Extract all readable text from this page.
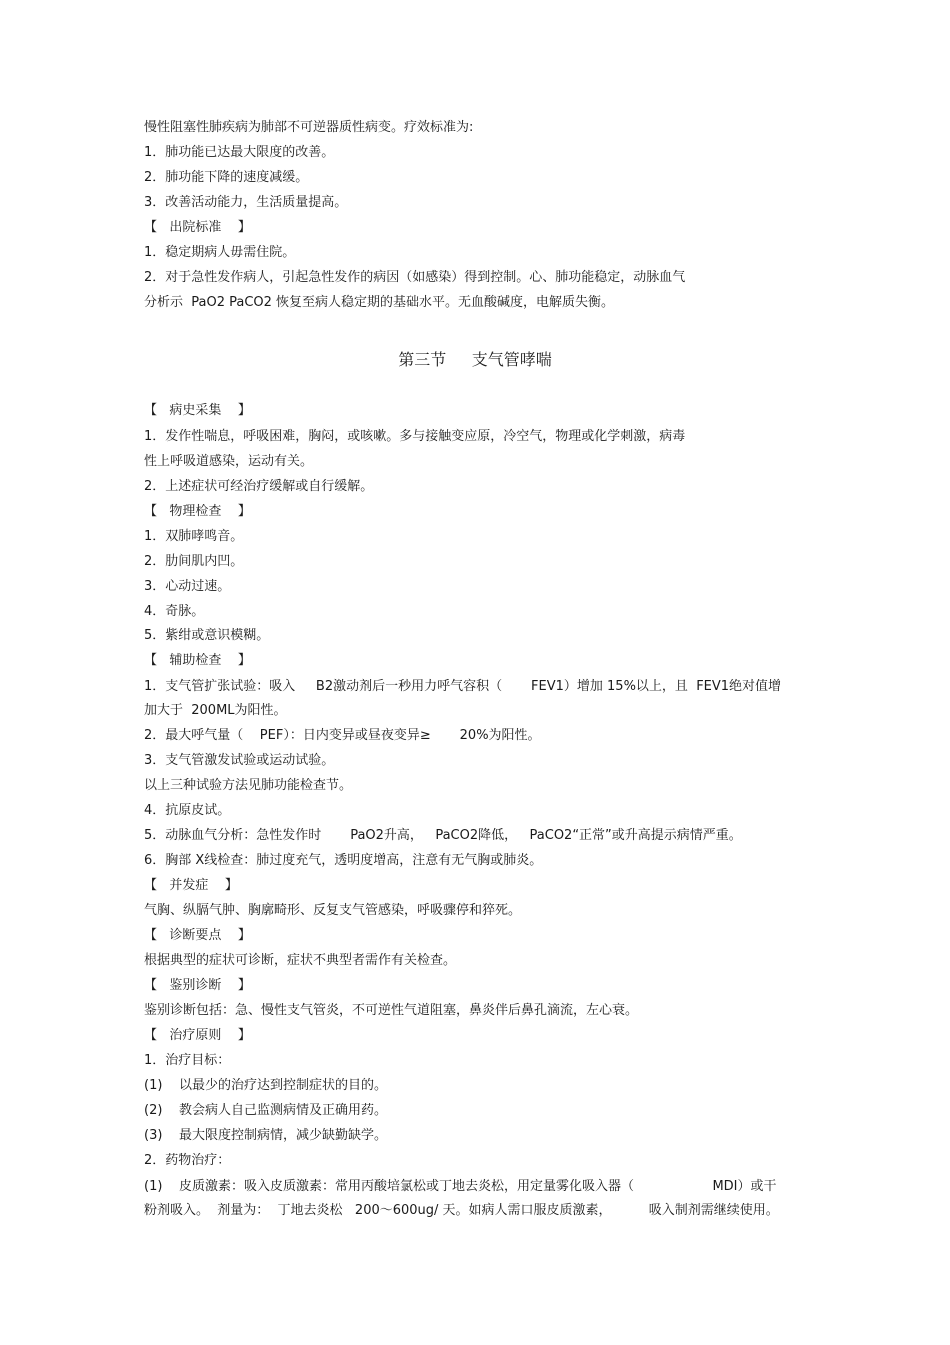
慢性阻塞性肺疾病为肺部不可逆器质性病变。疗效标准为:
1．肺功能已达最大限度的改善。
2．肺功能下降的速度减缓。
3．改善活动能力，生活质量提高。
【   出院标准    】
1．稳定期病人毋需住院。
2．对于急性发作病人，引起急性发作的病因（如感染）得到控制。心、肺功能稳定，动脉血气
分析示  PaO2 PaCO2 恢复至病人稳定期的基础水平。无血酸碱度，电解质失衡。
第三节     支气管哮喘
【   病史采集    】
1．发作性喘息，呼吸困难，胸闷，或咳嗽。多与接触变应原，冷空气，物理或化学刺激，病毒
性上呼吸道感染，运动有关。
2．上述症状可经治疗缓解或自行缓解。
【   物理检查    】
1．双肺哮鸣音。
2．肋间肌内凹。
3．心动过速。
4．奇脉。
5．紫绀或意识模糊。
【   辅助检查    】
1．支气管扩张试验：吸入     B2激动剂后一秒用力呼气容积（       FEV1）增加 15%以上，且  FEV1绝对值增
加大于  200ML为阳性。
2．最大呼气量（    PEF）：日内变异或昼夜变异≥       20%为阳性。
3．支气管激发试验或运动试验。
以上三种试验方法见肺功能检查节。
4．抗原皮试。
5．动脉血气分析：急性发作时       PaO2升高，   PaCO2降低，   PaCO2“正常”或升高提示病情严重。
6．胸部 X线检查：肺过度充气，透明度增高，注意有无气胸或肺炎。
【   并发症    】
气胸、纵膈气肿、胸廓畸形、反复支气管感染，呼吸骤停和猝死。
【   诊断要点    】
根据典型的症状可诊断，症状不典型者需作有关检查。
【   鉴别诊断    】
鉴别诊断包括：急、慢性支气管炎，不可逆性气道阻塞，鼻炎伴后鼻孔滴流，左心衰。
【   治疗原则    】
1．治疗目标：
(1)    以最少的治疗达到控制症状的目的。
(2)    教会病人自己监测病情及正确用药。
(3)    最大限度控制病情，减少缺勤缺学。
2．药物治疗：
(1)    皮质激素：吸入皮质激素：常用丙酸培氯松或丁地去炎松，用定量雾化吸入器（                   MDI）或干
粉剂吸入。  剂量为：  丁地去炎松   200～600ug/ 天。如病人需口服皮质激素，         吸入制剂需继续使用。
